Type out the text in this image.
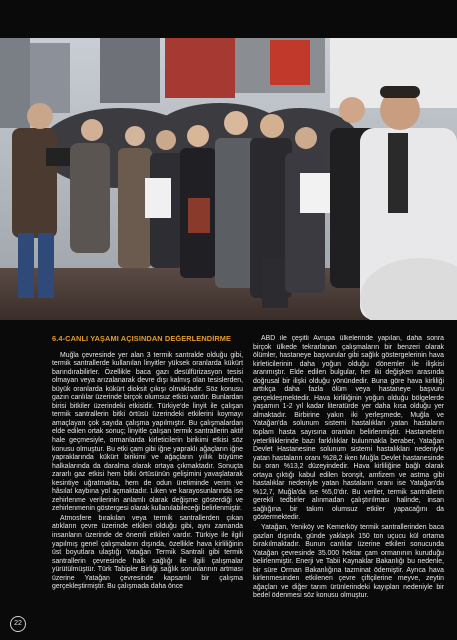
6.4-CANLI YAŞAMI AÇISINDAN DEĞERLENDİRME

Muğla çevresinde yer alan 3 termik santralde olduğu gibi, termik santrallerde kullanılan linyitler yüksek oranlarda kükürt barındırabilirler. Özellikle baca gazı desülfürizasyon tesisi olmayan veya arızalanarak devre dışı kalmış olan tesislerden, büyük oranlarda kükürt dioksit çıkışı olmaktadır. Söz konusu gazın canlılar üzerinde birçok olumsuz etkisi vardır. Bunlardan birisi bitkiler üzerindeki etkisidir. Türkiye'de linyit ile çalışan termik santrallerin bitki örtüsü üzerindeki etkilerini koymayı amaçlayan çok sayıda çalışma yapılmıştır. Bu çalışmalardan elde edilen ortak sonuç; linyitle çalışan termik santrallerin aktif hale geçmesiyle, ormanlarda kirleticilerin birikimi etkisi söz konusu olmuştur. Bu etki çam gibi iğne yapraklı ağaçların iğne yapraklarında kükürt birikimi ve ağaçların yıllık büyüme halkalarında da daralma olarak ortaya çıkmaktadır. Sonuçta zararlı gaz etkisi hem bitki örtüsünün gelişimini yavaşlatarak kesintiye uğratmakta, hem de odun üretiminde verim ve hâsılat kaybına yol açmaktadır. Liken ve karayosunlarında ise zehirlenme verilerinin anlamlı olarak değişme gösterdiği ve zehirlenmenin göstergesi olarak kullanılabileceği belirlenmiştir.

Atmosfere bırakılan veya termik santrallerden çıkan atıkların çevre üzerinde etkileri olduğu gibi, aynı zamanda insanların üzerinde de önemli etkileri vardır. Türkiye ile ilgili yapılmış genel çalışmaların dışında, özellikle hava kirliliğinin üst boyutlara ulaştığı Yatağan Termik Santrali gibi termik santrallerin çevresinde halk sağlığı ile ilgili çalışmalar yürütülmüştür. Türk Tabipler Birliği sağlık sorunlarının artması üzerine Yatağan çevresinde kapsamlı bir çalışma gerçekleştirmiştir. Bu çalışmada daha önce

ABD ile çeşitli Avrupa ülkelerinde yapılan, daha sonra birçok ülkede tekrarlanan çalışmaların bir benzeri olarak ölümler, hastaneye başvurular gibi sağlık göstergelerinin hava kirleticilerinin daha yoğun olduğu dönemler ile ilişkisi aranmıştır. Elde edilen bulgular, her iki değişken arasında doğrusal bir ilişki olduğu yönündedir. Buna göre hava kirliliği arttıkça daha fazla ölüm veya hastaneye başvuru gerçekleşmektedir. Hava kirliliğinin yoğun olduğu bölgelerde yaşamın 1-2 yıl kadar literatürde yer daha kısa olduğu yer almaktadır. Birbirine yakın iki yerleşmede, Muğla ve Yatağan'da solunum sistemi hastalıkları yatan hastaların toplam hasta sayısına oranları belirlenmiştir. Hastanelerin yeterliliklerinde bazı farklılıklar bulunmakla beraber, Yatağan Devlet Hastanesine solunum sistemi hastalıkları nedeniyle yatan hastaların oranı %28,2 iken Muğla Devlet hastanesinde bu oran %13,2 düzeyindedir. Hava kirliliğine bağlı olarak ortaya çıktığı kabul edilen bronşit, amfizem ve astma gibi hastalıklar nedeniyle yatan hastaların oranı ise Yatağan'da %12,7, Muğla'da ise %5,0'dır. Bu veriler, termik santrallerin gerekli tedbirler alınmadan çalıştırılması halinde, insan sağlığına bir takım olumsuz etkiler yapacağını da göstermektedir.

Yatağan, Yeniköy ve Kemerköy termik santrallerinden baca gazları dışında, günde yaklaşık 150 ton uçucu kül ortama bırakılmaktadır. Bunun canlılar üzerine etkileri sonucunda Yatağan çevresinde 35.000 hektar çam ormanının kuruduğu belirlenmiştir. Enerji ve Tabii Kaynaklar Bakanlığı bu nedenle, bir süre Orman Bakanlığına tazminat ödemiştir. Ayrıca hava kirlenmesinden etkilenen çevre çiftçilerine meyve, zeytin ağaçları ve diğer tarım ürünlerindeki kayıpları nedeniyle bir bedel ödenmesi söz konusu olmuştur.

22
